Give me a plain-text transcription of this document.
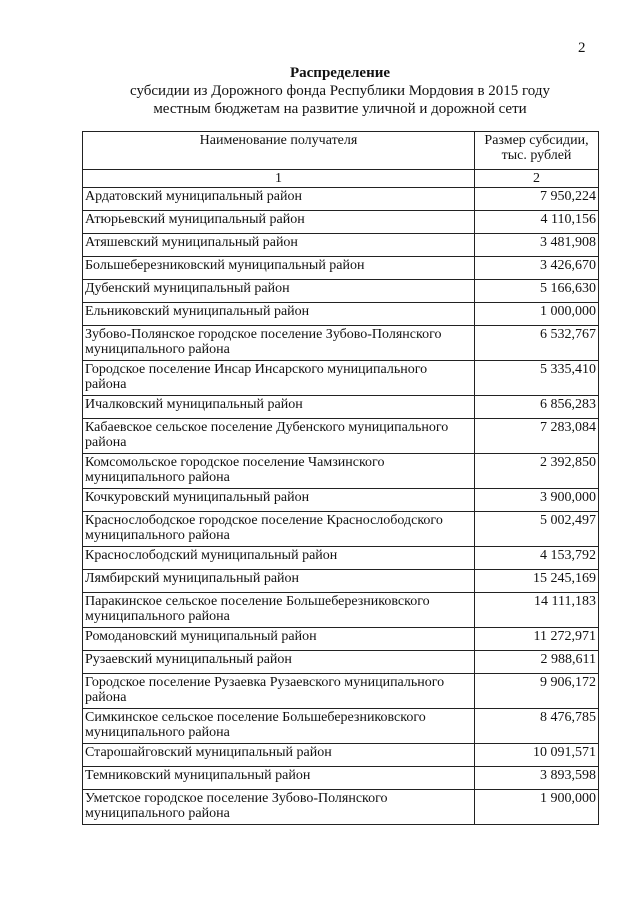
2
Распределение
субсидии из Дорожного фонда Республики Мордовия в 2015 году
местным бюджетам на развитие уличной и дорожной сети
Наименование получателя	Размер субсидии, тыс. рублей
1	2
Ардатовский муниципальный район	7 950,224
Атюрьевский муниципальный район	4 110,156
Атяшевский муниципальный район	3 481,908
Большеберезниковский муниципальный район	3 426,670
Дубенский муниципальный район	5 166,630
Ельниковский муниципальный район	1 000,000
Зубово-Полянское городское поселение Зубово-Полянского муниципального района	6 532,767
Городское поселение Инсар Инсарского муниципального района	5 335,410
Ичалковский муниципальный район	6 856,283
Кабаевское сельское поселение Дубенского муниципального района	7 283,084
Комсомольское городское поселение Чамзинского муниципального района	2 392,850
Кочкуровский муниципальный район	3 900,000
Краснослободское городское поселение Краснослободского муниципального района	5 002,497
Краснослободский муниципальный район	4 153,792
Лямбирский муниципальный район	15 245,169
Паракинское сельское поселение Большеберезниковского муниципального района	14 111,183
Ромодановский муниципальный район	11 272,971
Рузаевский муниципальный район	2 988,611
Городское поселение Рузаевка Рузаевского муниципального района	9 906,172
Симкинское сельское поселение Большеберезниковского муниципального района	8 476,785
Старошайговский муниципальный район	10 091,571
Темниковский муниципальный район	3 893,598
Уметское городское поселение Зубово-Полянского муниципального района	1 900,000
